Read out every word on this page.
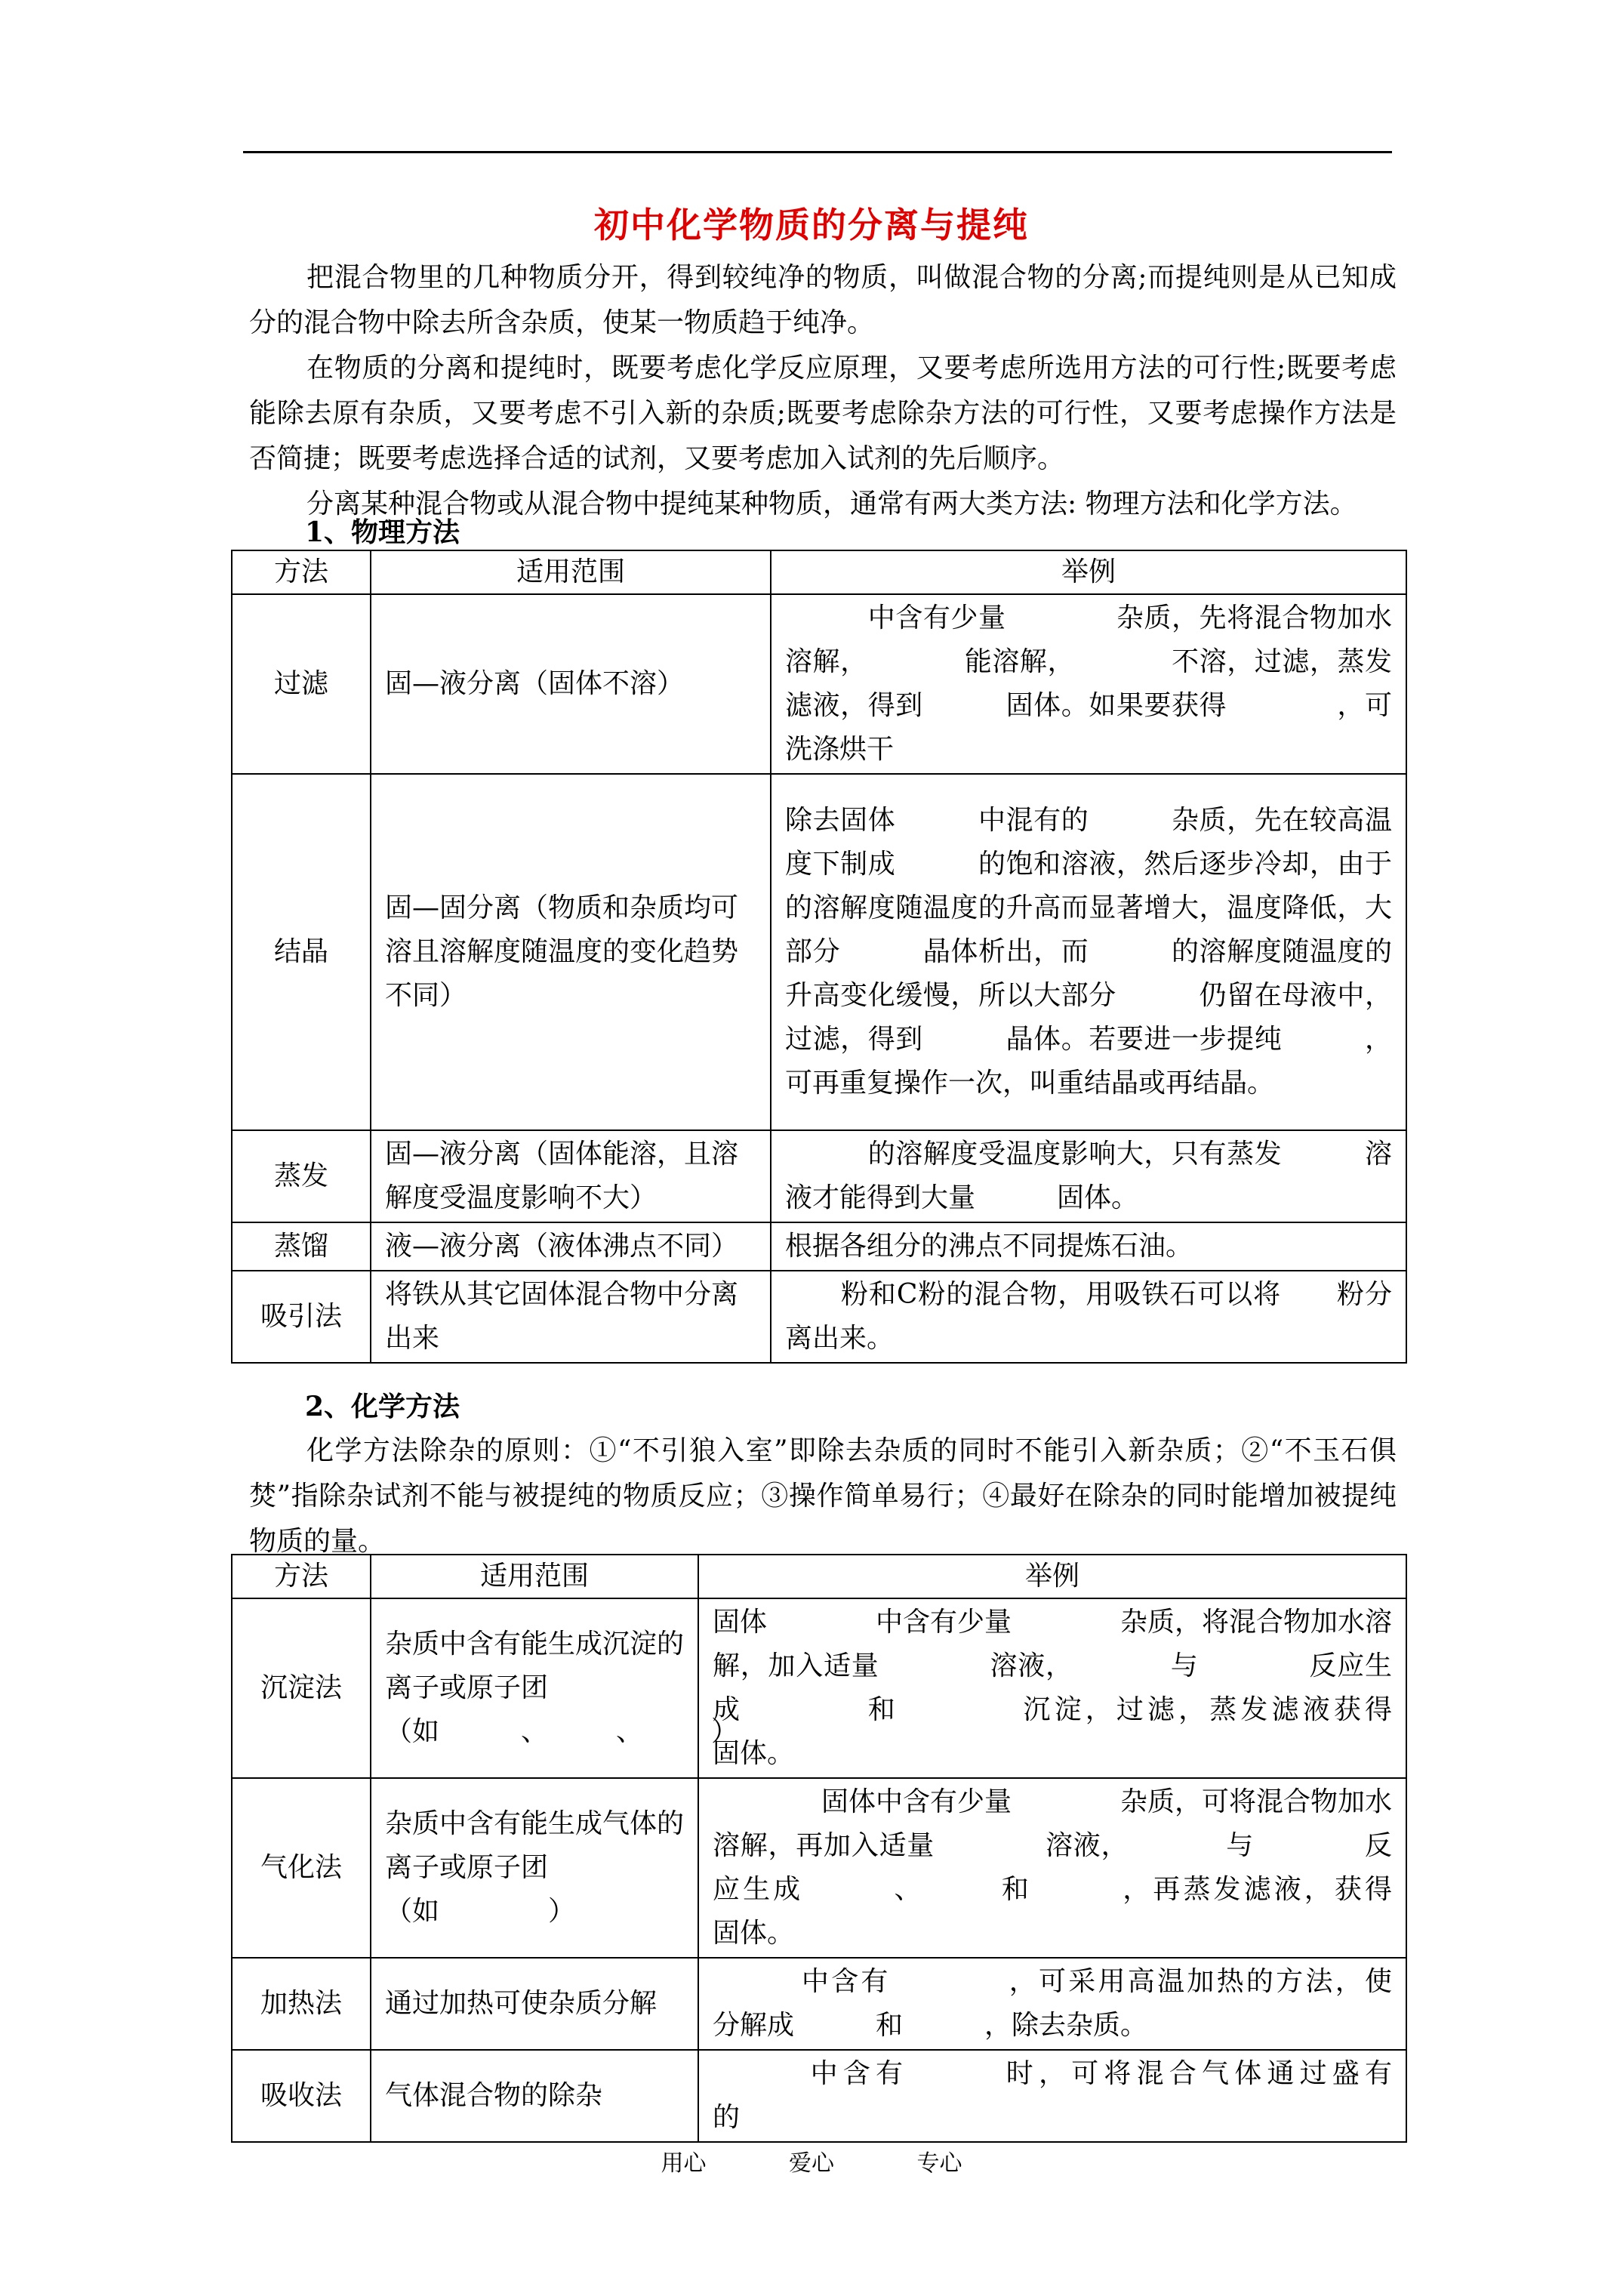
初中化学物质的分离与提纯
把混合物里的几种物质分开，得到较纯净的物质，叫做混合物的分离;而提纯则是从已知成分的混合物中除去所含杂质，使某一物质趋于纯净。
在物质的分离和提纯时，既要考虑化学反应原理，又要考虑所选用方法的可行性;既要考虑能除去原有杂质，又要考虑不引入新的杂质;既要考虑除杂方法的可行性，又要考虑操作方法是否简捷；既要考虑选择合适的试剂，又要考虑加入试剂的先后顺序。
分离某种混合物或从混合物中提纯某种物质，通常有两大类方法: 物理方法和化学方法。
1、物理方法
方法	适用范围	举例
过滤	固—液分离（固体不溶）	　　　中含有少量　　　　杂质，先将混合物加水溶解，　　　　能溶解，　　　　不溶，过滤，蒸发滤液，得到　　　固体。如果要获得　　　　，可洗涤烘干
结晶	固—固分离（物质和杂质均可溶且溶解度随温度的变化趋势不同）	除去固体　　　中混有的　　　杂质，先在较高温度下制成　　　的饱和溶液，然后逐步冷却，由于　　　的溶解度随温度的升高而显著增大，温度降低，大部分　　　晶体析出，而　　　的溶解度随温度的升高变化缓慢，所以大部分　　　仍留在母液中，过滤，得到　　　晶体。若要进一步提纯　　　，可再重复操作一次，叫重结晶或再结晶。
蒸发	固—液分离（固体能溶，且溶解度受温度影响不大）	　　　的溶解度受温度影响大，只有蒸发　　　溶液才能得到大量　　　固体。
蒸馏	液—液分离（液体沸点不同）	根据各组分的沸点不同提炼石油。
吸引法	将铁从其它固体混合物中分离出来	　　粉和C粉的混合物，用吸铁石可以将　　粉分离出来。
2、化学方法
化学方法除杂的原则：①“不引狼入室”即除去杂质的同时不能引入新杂质；②“不玉石俱焚”指除杂试剂不能与被提纯的物质反应；③操作简单易行；④最好在除杂的同时能增加被提纯物质的量。
方法	适用范围	举例
沉淀法	杂质中含有能生成沉淀的离子或原子团（如　　　、　　　、　　　）	固体　　　　中含有少量　　　　杂质，将混合物加水溶解，加入适量　　　　溶液，　　　　与　　　　反应生成　　　　和　　　　沉淀，过滤，蒸发滤液获得　　　　固体。
气化法	杂质中含有能生成气体的离子或原子团（如　　　　）	　　　　固体中含有少量　　　　杂质，可将混合物加水溶解，再加入适量　　　　溶液，　　　　与　　　　反应生成　　　、　　　和　　　，再蒸发滤液，获得　　　　固体。
加热法	通过加热可使杂质分解	　　　中含有　　　　，可采用高温加热的方法，使　　　分解成　　　和　　　，除去杂质。
吸收法	气体混合物的除杂	　　　中含有　　　时，可将混合气体通过盛有　　　　的
用心	爱心	专心
